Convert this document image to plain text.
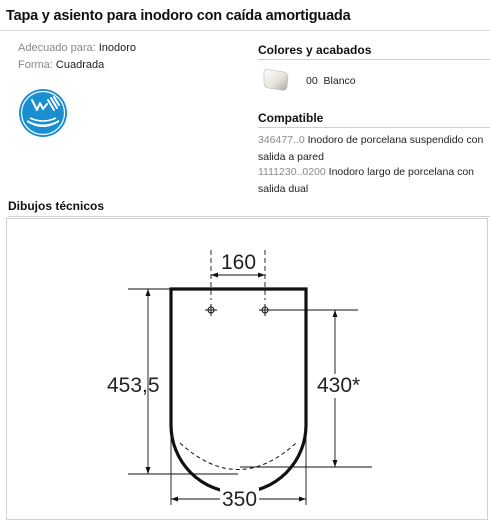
Tapa y asiento para inodoro con caída amortiguada
Adecuado para: Inodoro
Forma: Cuadrada
Colores y acabados
00 Blanco
Compatible
346477..0 Inodoro de porcelana suspendido con salida a pared
1111230..0200 Inodoro largo de porcelana con salida dual
Dibujos técnicos
160
453,5	430*
350
